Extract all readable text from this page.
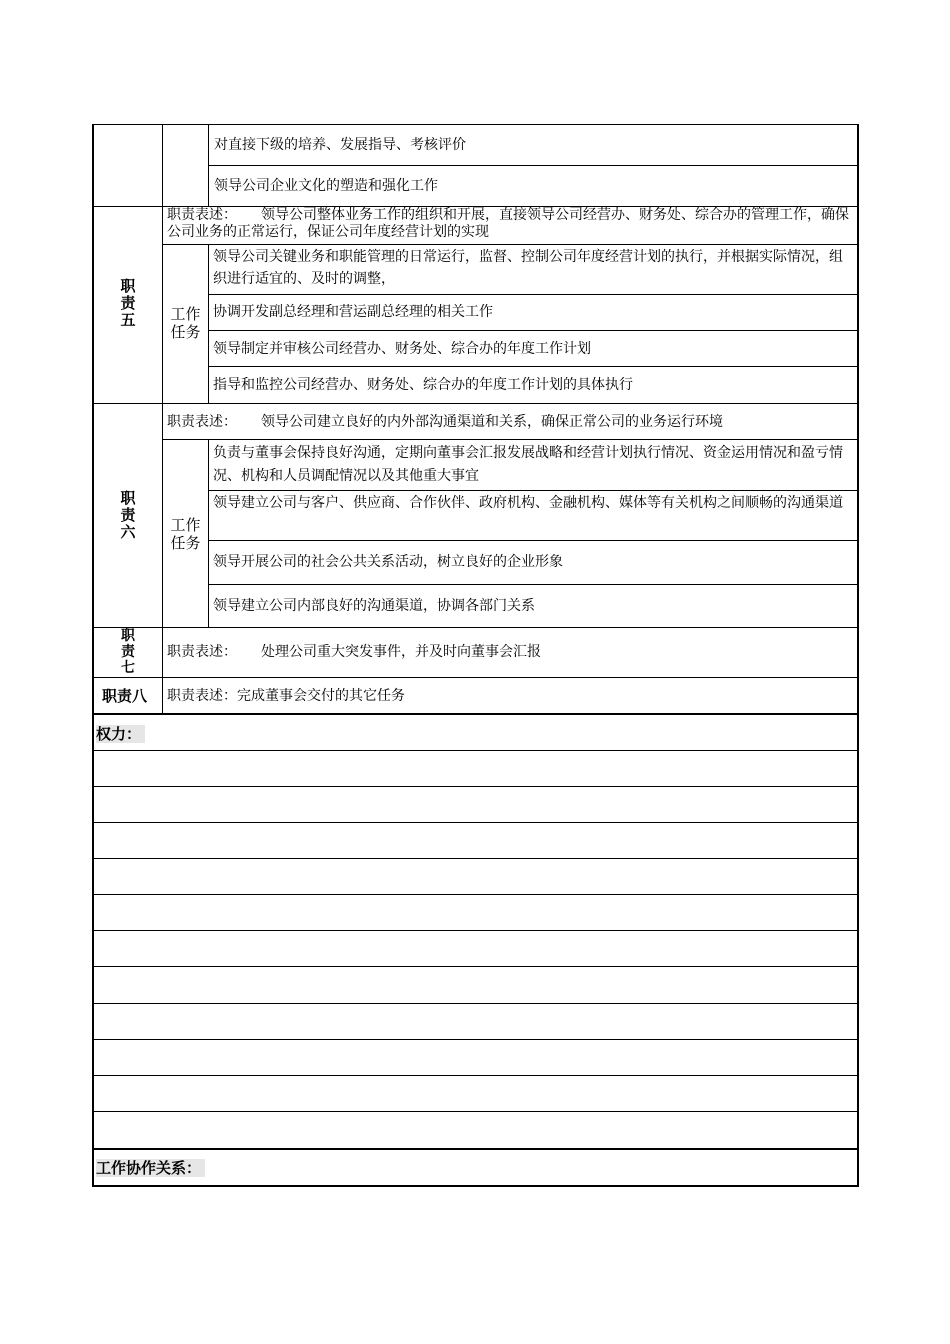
对直接下级的培养、发展指导、考核评价
领导公司企业文化的塑造和强化工作
职
责
五
职责表述： 领导公司整体业务工作的组织和开展，直接领导公司经营办、财务处、综合办的管理工作，确保公司业务的正常运行，保证公司年度经营计划的实现
工作
任务
领导公司关键业务和职能管理的日常运行，监督、控制公司年度经营计划的执行，并根据实际情况，组织进行适宜的、及时的调整，
协调开发副总经理和营运副总经理的相关工作
领导制定并审核公司经营办、财务处、综合办的年度工作计划
指导和监控公司经营办、财务处、综合办的年度工作计划的具体执行
职
责
六
职责表述： 领导公司建立良好的内外部沟通渠道和关系，确保正常公司的业务运行环境
工作
任务
负责与董事会保持良好沟通，定期向董事会汇报发展战略和经营计划执行情况、资金运用情况和盈亏情况、机构和人员调配情况以及其他重大事宜
领导建立公司与客户、供应商、合作伙伴、政府机构、金融机构、媒体等有关机构之间顺畅的沟通渠道
领导开展公司的社会公共关系活动，树立良好的企业形象
领导建立公司内部良好的沟通渠道，协调各部门关系
职
责
七
职责表述： 处理公司重大突发事件，并及时向董事会汇报
职责八 职责表述：完成董事会交付的其它任务
权力：
工作协作关系：
